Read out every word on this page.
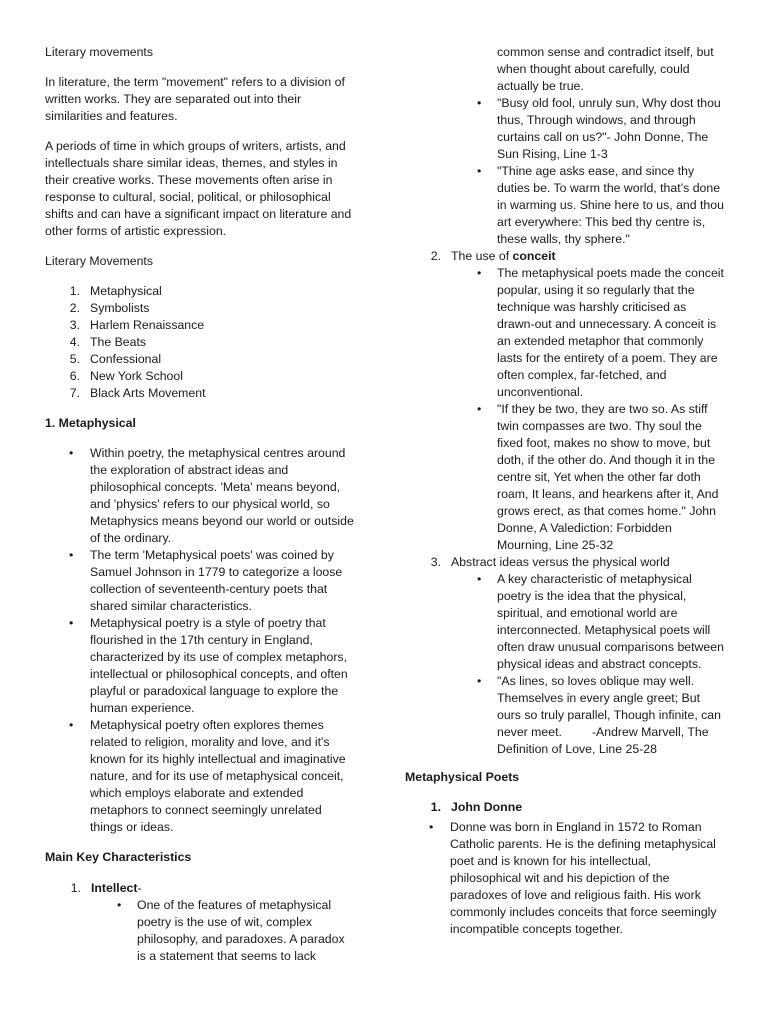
Literary movements
In literature, the term "movement" refers to a division of written works. They are separated out into their similarities and features.
A periods of time in which groups of writers, artists, and intellectuals share similar ideas, themes, and styles in their creative works. These movements often arise in response to cultural, social, political, or philosophical shifts and can have a significant impact on literature and other forms of artistic expression.
Literary Movements
1. Metaphysical
2. Symbolists
3. Harlem Renaissance
4. The Beats
5. Confessional
6. New York School
7. Black Arts Movement
1. Metaphysical
• Within poetry, the metaphysical centres around the exploration of abstract ideas and philosophical concepts. 'Meta' means beyond, and 'physics' refers to our physical world, so Metaphysics means beyond our world or outside of the ordinary.
• The term 'Metaphysical poets' was coined by Samuel Johnson in 1779 to categorize a loose collection of seventeenth-century poets that shared similar characteristics.
• Metaphysical poetry is a style of poetry that flourished in the 17th century in England, characterized by its use of complex metaphors, intellectual or philosophical concepts, and often playful or paradoxical language to explore the human experience.
• Metaphysical poetry often explores themes related to religion, morality and love, and it's known for its highly intellectual and imaginative nature, and for its use of metaphysical conceit, which employs elaborate and extended metaphors to connect seemingly unrelated things or ideas.
Main Key Characteristics
1. Intellect-
• One of the features of metaphysical poetry is the use of wit, complex philosophy, and paradoxes. A paradox is a statement that seems to lack
common sense and contradict itself, but when thought about carefully, could actually be true.
• "Busy old fool, unruly sun, Why dost thou thus, Through windows, and through curtains call on us?"- John Donne, The Sun Rising, Line 1-3
• "Thine age asks ease, and since thy duties be. To warm the world, that’s done in warming us. Shine here to us, and thou art everywhere: This bed thy centre is, these walls, thy sphere."
2. The use of conceit
• The metaphysical poets made the conceit popular, using it so regularly that the technique was harshly criticised as drawn-out and unnecessary. A conceit is an extended metaphor that commonly lasts for the entirety of a poem. They are often complex, far-fetched, and unconventional.
• "If they be two, they are two so. As stiff twin compasses are two. Thy soul the fixed foot, makes no show to move, but doth, if the other do. And though it in the centre sit, Yet when the other far doth roam, It leans, and hearkens after it, And grows erect, as that comes home." John Donne, A Valediction: Forbidden Mourning, Line 25-32
3. Abstract ideas versus the physical world
• A key characteristic of metaphysical poetry is the idea that the physical, spiritual, and emotional world are interconnected. Metaphysical poets will often draw unusual comparisons between physical ideas and abstract concepts.
• "As lines, so loves oblique may well. Themselves in every angle greet; But ours so truly parallel, Though infinite, can never meet. -Andrew Marvell, The Definition of Love, Line 25-28
Metaphysical Poets
1. John Donne
• Donne was born in England in 1572 to Roman Catholic parents. He is the defining metaphysical poet and is known for his intellectual, philosophical wit and his depiction of the paradoxes of love and religious faith. His work commonly includes conceits that force seemingly incompatible concepts together.
